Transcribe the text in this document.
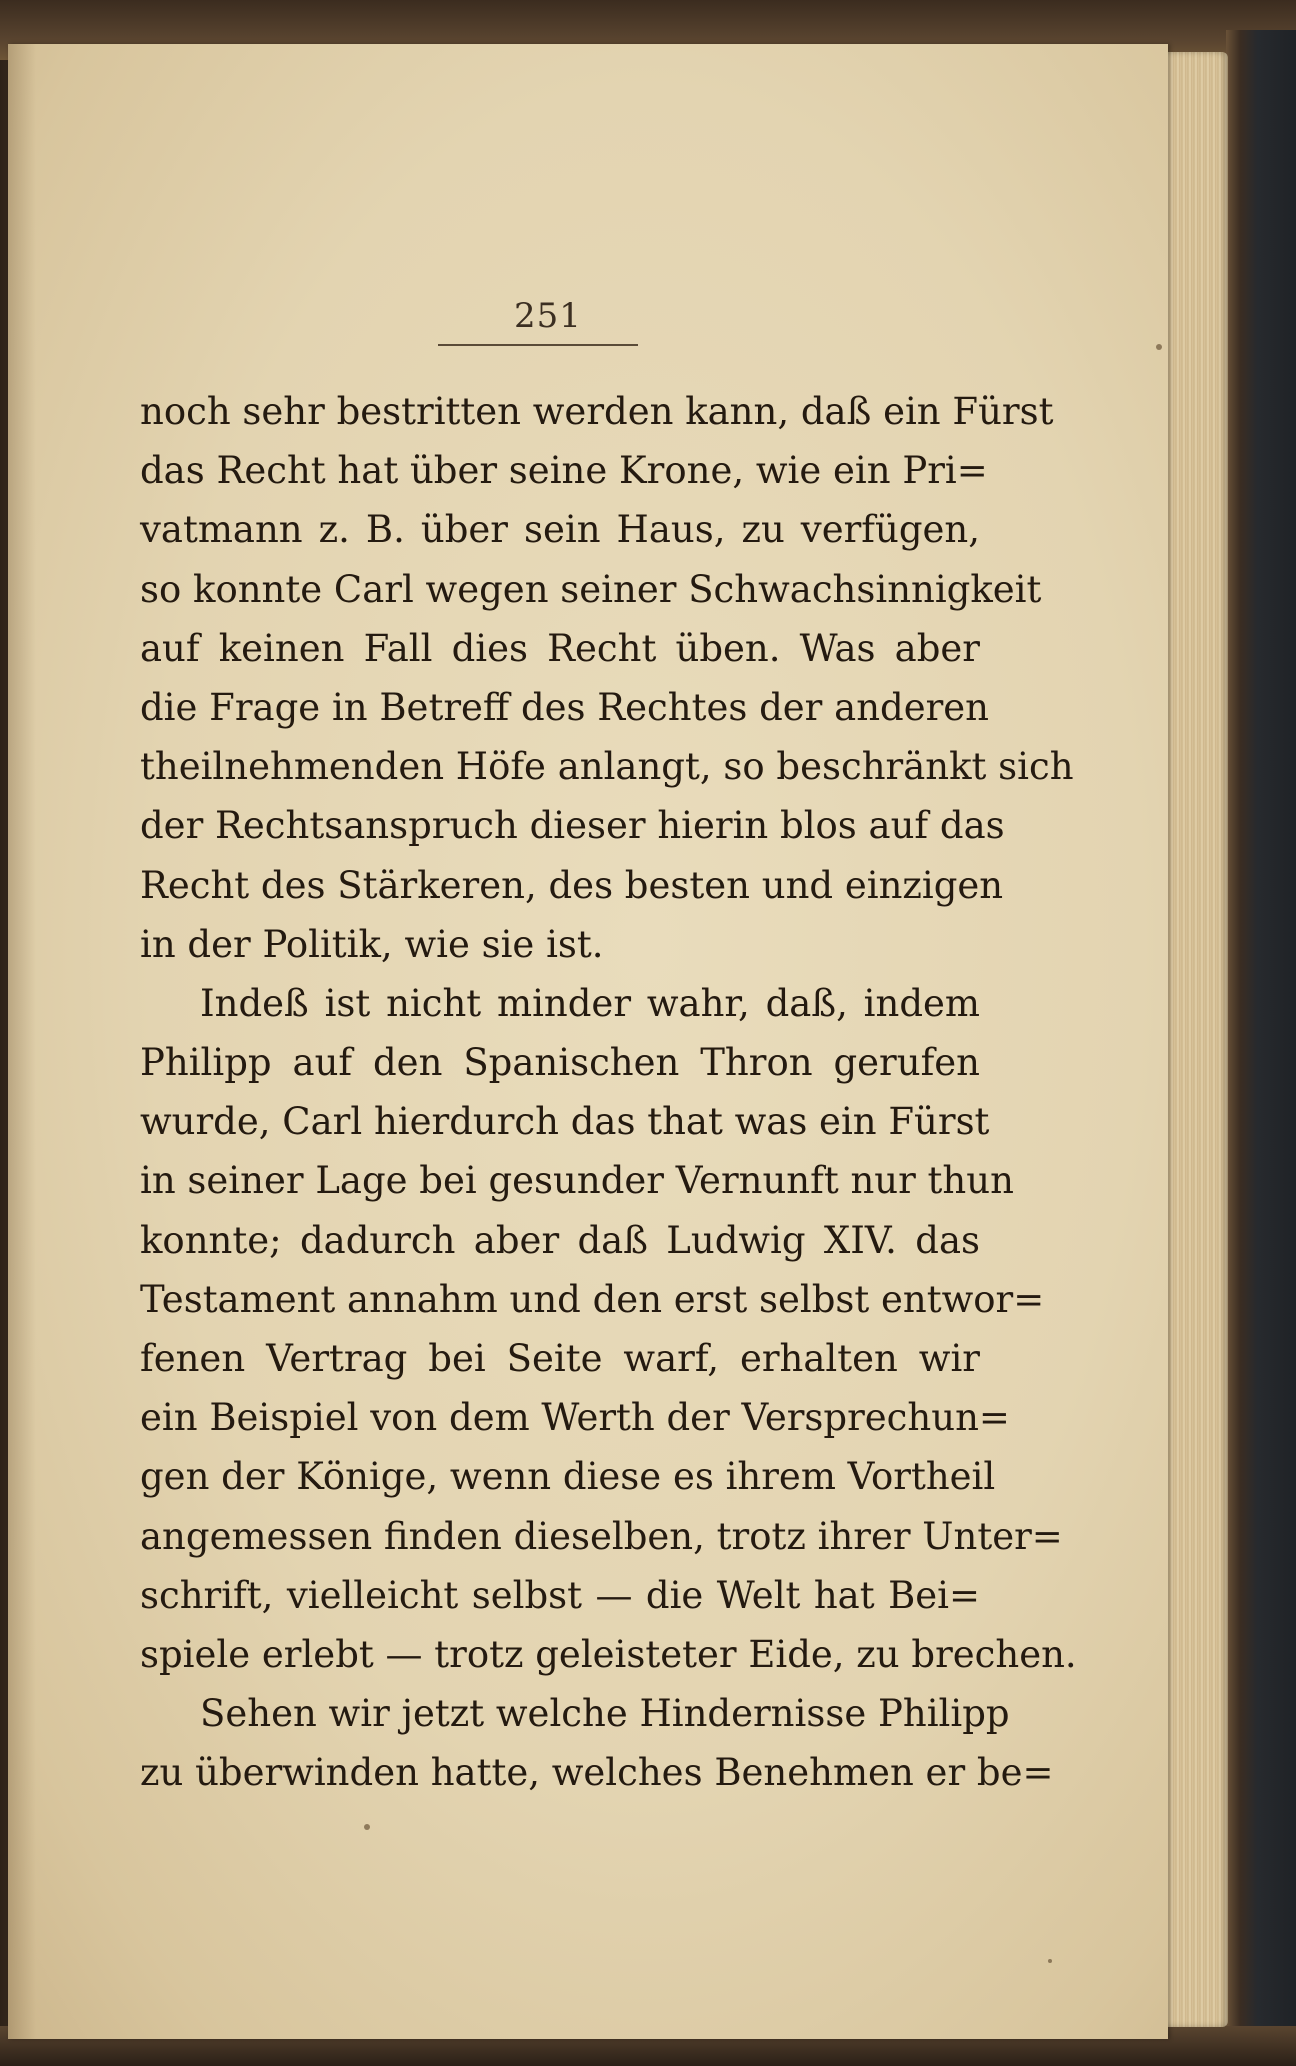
251
noch sehr bestritten werden kann, daß ein Fürst
das Recht hat über seine Krone, wie ein Pri=
vatmann z. B. über sein Haus, zu verfügen,
so konnte Carl wegen seiner Schwachsinnigkeit
auf keinen Fall dies Recht üben. Was aber
die Frage in Betreff des Rechtes der anderen
theilnehmenden Höfe anlangt, so beschränkt sich
der Rechtsanspruch dieser hierin blos auf das
Recht des Stärkeren, des besten und einzigen
in der Politik, wie sie ist.
Indeß ist nicht minder wahr, daß, indem
Philipp auf den Spanischen Thron gerufen
wurde, Carl hierdurch das that was ein Fürst
in seiner Lage bei gesunder Vernunft nur thun
konnte; dadurch aber daß Ludwig XIV. das
Testament annahm und den erst selbst entwor=
fenen Vertrag bei Seite warf, erhalten wir
ein Beispiel von dem Werth der Versprechun=
gen der Könige, wenn diese es ihrem Vortheil
angemessen finden dieselben, trotz ihrer Unter=
schrift, vielleicht selbst — die Welt hat Bei=
spiele erlebt — trotz geleisteter Eide, zu brechen.
Sehen wir jetzt welche Hindernisse Philipp
zu überwinden hatte, welches Benehmen er be=
